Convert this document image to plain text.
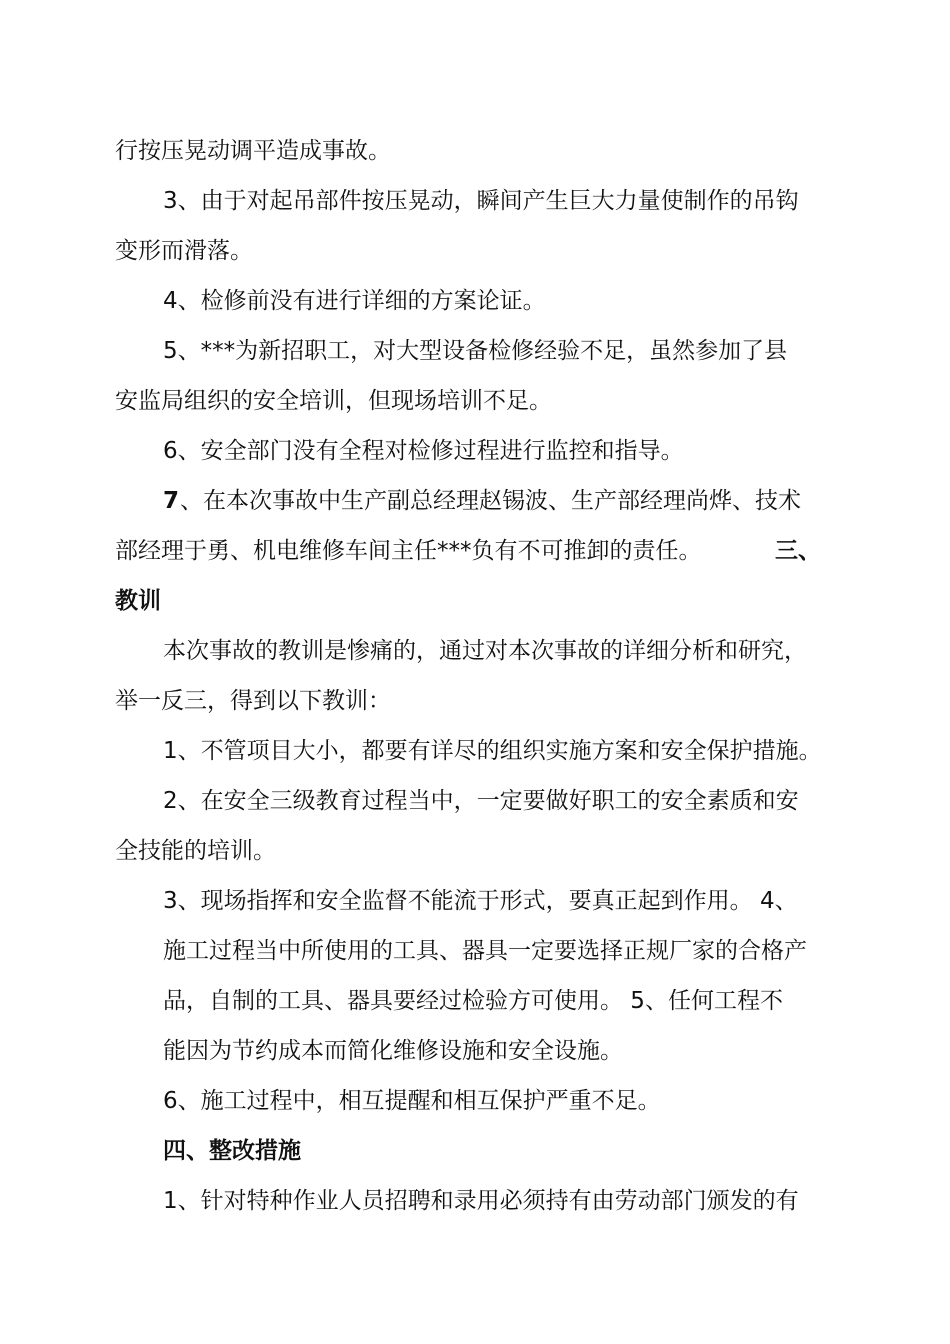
行按压晃动调平造成事故。

3、由于对起吊部件按压晃动，瞬间产生巨大力量使制作的吊钩

变形而滑落。

4、检修前没有进行详细的方案论证。

5、***为新招职工，对大型设备检修经验不足，虽然参加了县

安监局组织的安全培训，但现场培训不足。

6、安全部门没有全程对检修过程进行监控和指导。

7 、在本次事故中生产副总经理赵锡波、生产部经理尚烨、技术

部经理于勇、机电维修车间主任***负有不可推卸的责任。	三、

教训

本次事故的教训是惨痛的，通过对本次事故的详细分析和研究，

举一反三，得到以下教训：

1、不管项目大小，都要有详尽的组织实施方案和安全保护措施。

2、在安全三级教育过程当中，一定要做好职工的安全素质和安

全技能的培训。

3、现场指挥和安全监督不能流于形式，要真正起到作用。 4、

施工过程当中所使用的工具、器具一定要选择正规厂家的合格产

品，自制的工具、器具要经过检验方可使用。 5、任何工程不

能因为节约成本而简化维修设施和安全设施。

6、施工过程中，相互提醒和相互保护严重不足。

四、整改措施

1、针对特种作业人员招聘和录用必须持有由劳动部门颁发的有
